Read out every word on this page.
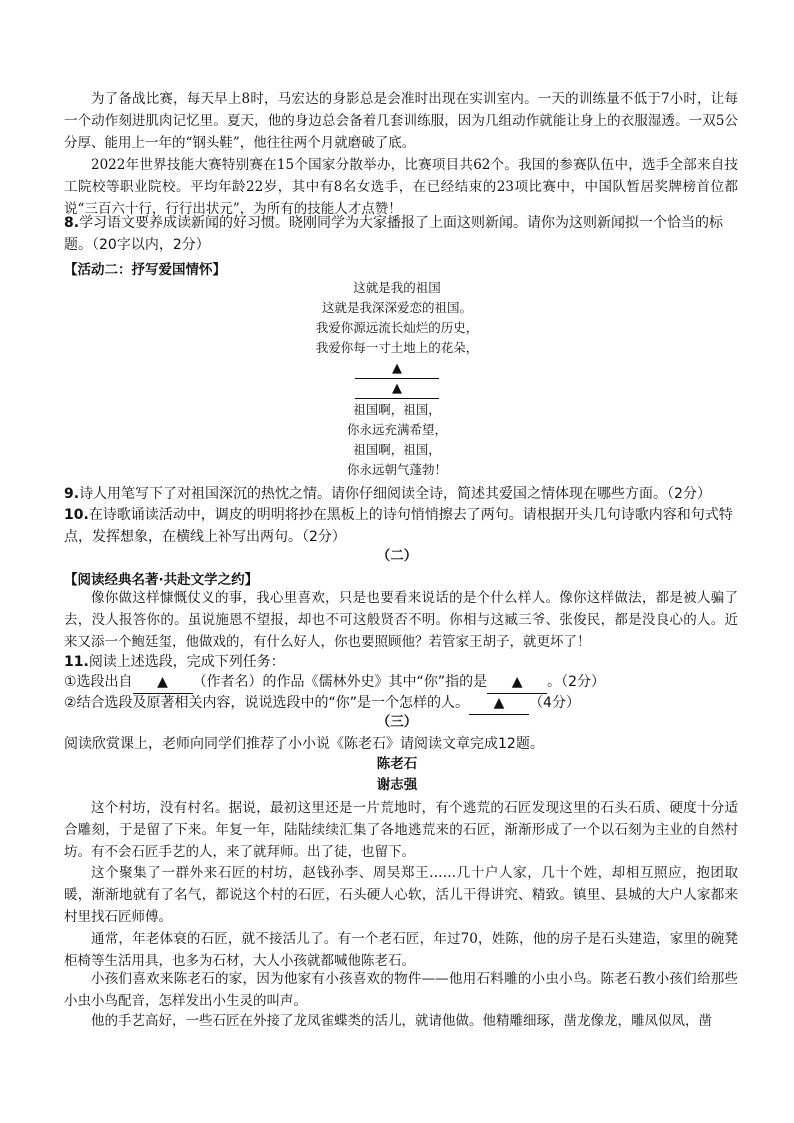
为了备战比赛，每天早上8时，马宏达的身影总是会准时出现在实训室内。一天的训练量不低于7小时，让每一个动作刻进肌肉记忆里。夏天，他的身边总会备着几套训练服，因为几组动作就能让身上的衣服湿透。一双5公分厚、能用上一年的“钢头鞋”，他往往两个月就磨破了底。
2022年世界技能大赛特别赛在15个国家分散举办，比赛项目共62个。我国的参赛队伍中，选手全部来自技工院校等职业院校。平均年龄22岁，其中有8名女选手，在已经结束的23项比赛中，中国队暂居奖牌榜首位都说“三百六十行，行行出状元”，为所有的技能人才点赞！
8.学习语文要养成读新闻的好习惯。晓刚同学为大家播报了上面这则新闻。请你为这则新闻拟一个恰当的标题。（20字以内，2分）
【活动二：抒写爱国情怀】
这就是我的祖国
这就是我深深爱恋的祖国。
我爱你源远流长灿烂的历史，
我爱你每一寸土地上的花朵，
▲
▲
祖国啊，祖国，
你永远充满希望，
祖国啊，祖国，
你永远朝气蓬勃！
9.诗人用笔写下了对祖国深沉的热忱之情。请你仔细阅读全诗，简述其爱国之情体现在哪些方面。（2分）
10.在诗歌诵读活动中，调皮的明明将抄在黑板上的诗句悄悄擦去了两句。请根据开头几句诗歌内容和句式特点，发挥想象，在横线上补写出两句。（2分）
（二）
【阅读经典名著·共赴文学之约】
像你做这样慷慨仗义的事，我心里喜欢，只是也要看来说话的是个什么样人。像你这样做法，都是被人骗了去，没人报答你的。虽说施恩不望报，却也不可这般贤否不明。你相与这臧三爷、张俊民，都是没良心的人。近来又添一个鲍廷玺，他做戏的，有什么好人，你也要照顾他？若管家王胡子，就更坏了！
11.阅读上述选段，完成下列任务：
①选段出自 ▲ （作者名）的作品《儒林外史》其中“你”指的是 ▲ 。（2分）
②结合选段及原著相关内容，说说选段中的“你”是一个怎样的人。 ▲ （4分）
（三）
阅读欣赏课上，老师向同学们推荐了小小说《陈老石》请阅读文章完成12题。
陈老石
谢志强
这个村坊，没有村名。据说，最初这里还是一片荒地时，有个逃荒的石匠发现这里的石头石质、硬度十分适合雕刻，于是留了下来。年复一年，陆陆续续汇集了各地逃荒来的石匠，渐渐形成了一个以石刻为主业的自然村坊。有不会石匠手艺的人，来了就拜师。出了徒，也留下。
这个聚集了一群外来石匠的村坊，赵钱孙李、周吴郑王……几十户人家，几十个姓，却相互照应，抱团取暖，渐渐地就有了名气，都说这个村的石匠，石头硬人心软，活儿干得讲究、精致。镇里、县城的大户人家都来村里找石匠师傅。
通常，年老体衰的石匠，就不接活儿了。有一个老石匠，年过70，姓陈，他的房子是石头建造，家里的碗凳柜椅等生活用具，也多为石材，大人小孩就都喊他陈老石。
小孩们喜欢来陈老石的家，因为他家有小孩喜欢的物件——他用石料雕的小虫小鸟。陈老石教小孩们给那些小虫小鸟配音，怎样发出小生灵的叫声。
他的手艺高好，一些石匠在外接了龙凤雀蝶类的活儿，就请他做。他精雕细琢，凿龙像龙，雕凤似凤，凿
